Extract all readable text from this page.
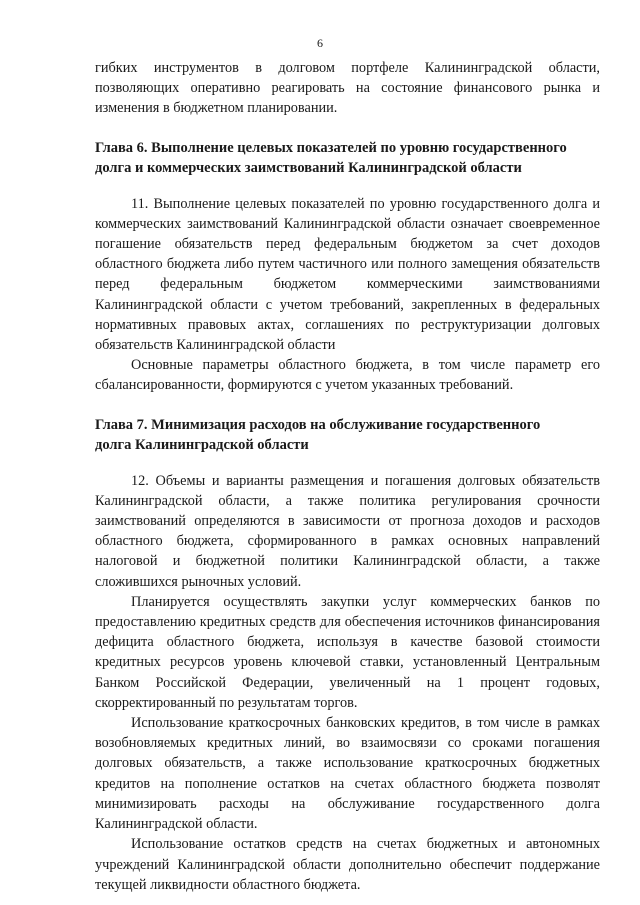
6

гибких инструментов в долговом портфеле Калининградской области, позволяющих оперативно реагировать на состояние финансового рынка и изменения в бюджетном планировании.

Глава 6. Выполнение целевых показателей по уровню государственного

долга и коммерческих заимствований Калининградской области

11. Выполнение целевых показателей по уровню государственного долга и коммерческих заимствований Калининградской области означает своевременное погашение обязательств перед федеральным бюджетом за счет доходов областного бюджета либо путем частичного или полного замещения обязательств перед федеральным бюджетом коммерческими заимствованиями Калининградской области с учетом требований, закрепленных в федеральных нормативных правовых актах, соглашениях по реструктуризации долговых обязательств Калининградской области

Основные параметры областного бюджета, в том числе параметр его сбалансированности, формируются с учетом указанных требований.

Глава 7. Минимизация расходов на обслуживание государственного

долга Калининградской области

12. Объемы и варианты размещения и погашения долговых обязательств Калининградской области, а также политика регулирования срочности заимствований определяются в зависимости от прогноза доходов и расходов областного бюджета, сформированного в рамках основных направлений налоговой и бюджетной политики Калининградской области, а также сложившихся рыночных условий.

Планируется осуществлять закупки услуг коммерческих банков по предоставлению кредитных средств для обеспечения источников финансирования дефицита областного бюджета, используя в качестве базовой стоимости кредитных ресурсов уровень ключевой ставки, установленный Центральным Банком Российской Федерации, увеличенный на 1 процент годовых, скорректированный по результатам торгов.

Использование краткосрочных банковских кредитов, в том числе в рамках возобновляемых кредитных линий, во взаимосвязи со сроками погашения долговых обязательств, а также использование краткосрочных бюджетных кредитов на пополнение остатков на счетах областного бюджета позволят минимизировать расходы на обслуживание государственного долга Калининградской области.

Использование остатков средств на счетах бюджетных и автономных учреждений Калининградской области дополнительно обеспечит поддержание текущей ликвидности областного бюджета.
